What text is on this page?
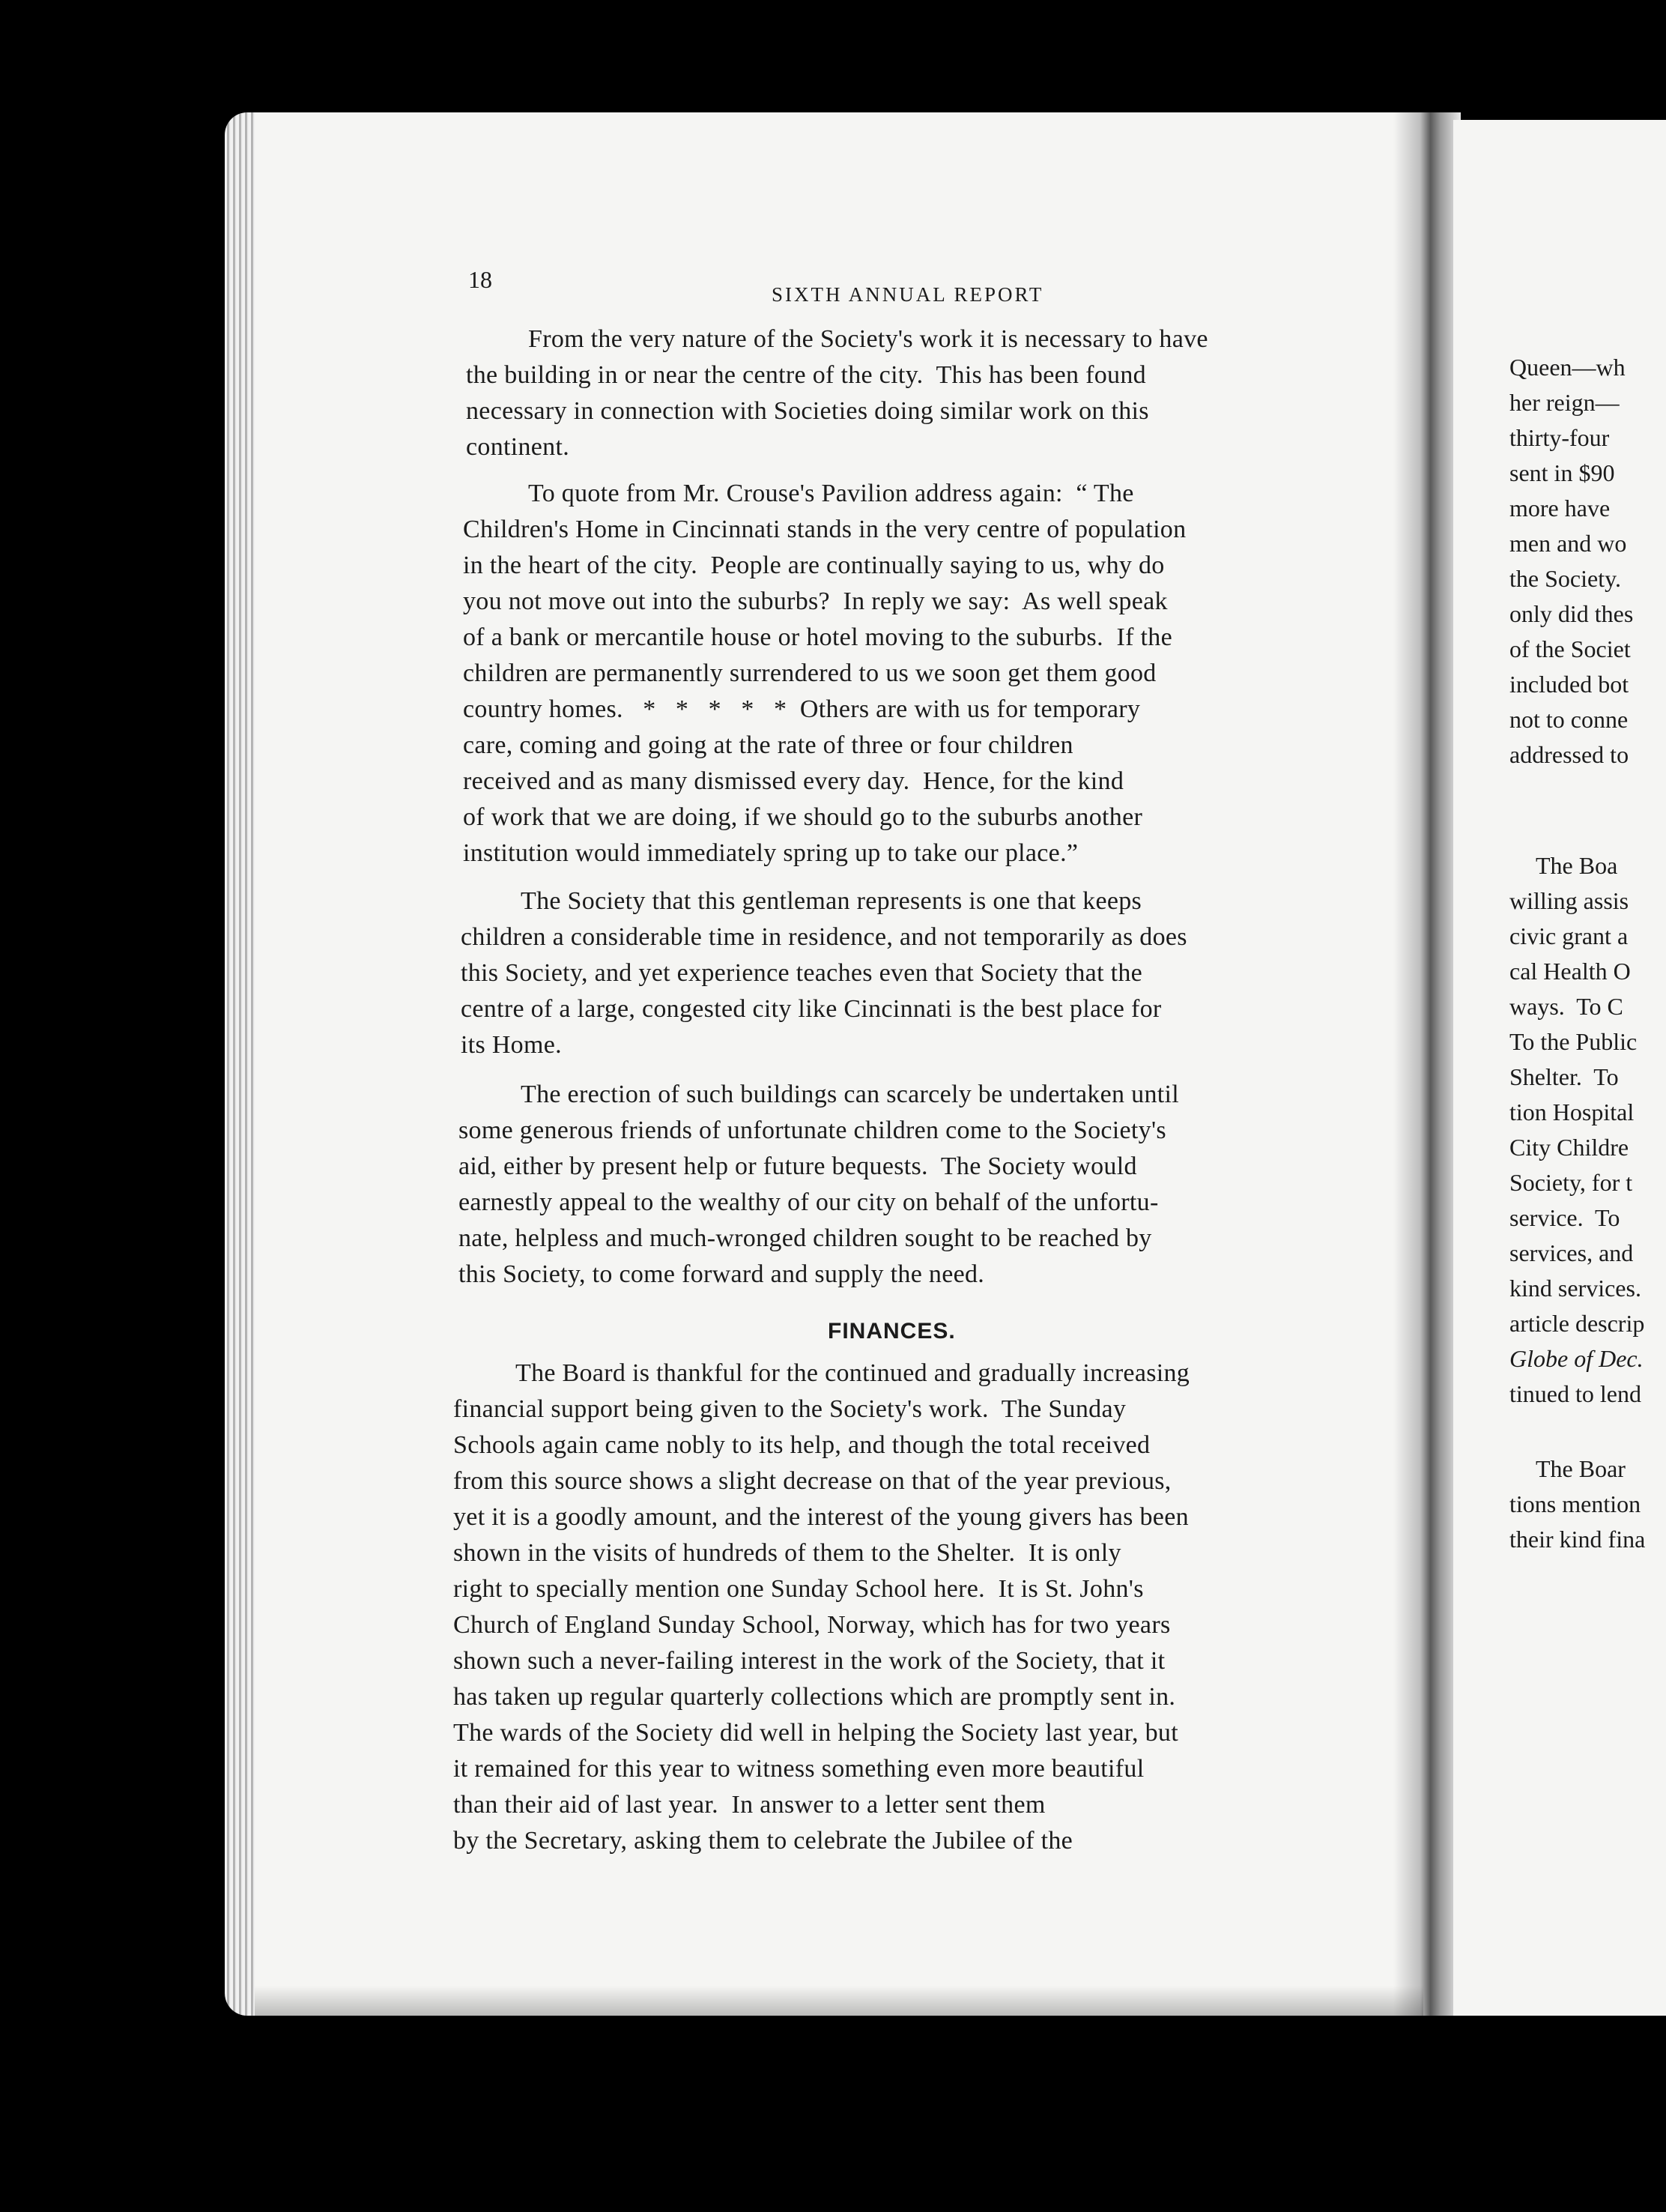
Queen—wh
her reign—
thirty-four
sent in $90
more have
men and wo
the Society.
only did thes
of the Societ
included bot
not to conne
addressed to
The Boa
willing assis
civic grant a
cal Health O
ways.  To C
To the Public
Shelter.  To
tion Hospital
City Childre
Society, for t
service.  To
services, and
kind services.
article descrip
Globe of Dec.
tinued to lend
The Boar
tions mention
their kind fina
18
SIXTH ANNUAL REPORT
From the very nature of the Society's work it is necessary to have
the building in or near the centre of the city.  This has been found
necessary in connection with Societies doing similar work on this
continent.
To quote from Mr. Crouse's Pavilion address again:  “ The
Children's Home in Cincinnati stands in the very centre of population
in the heart of the city.  People are continually saying to us, why do
you not move out into the suburbs?  In reply we say:  As well speak
of a bank or mercantile house or hotel moving to the suburbs.  If the
children are permanently surrendered to us we soon get them good
country homes.   *   *   *   *   *  Others are with us for temporary
care, coming and going at the rate of three or four children
received and as many dismissed every day.  Hence, for the kind
of work that we are doing, if we should go to the suburbs another
institution would immediately spring up to take our place.”
The Society that this gentleman represents is one that keeps
children a considerable time in residence, and not temporarily as does
this Society, and yet experience teaches even that Society that the
centre of a large, congested city like Cincinnati is the best place for
its Home.
The erection of such buildings can scarcely be undertaken until
some generous friends of unfortunate children come to the Society's
aid, either by present help or future bequests.  The Society would
earnestly appeal to the wealthy of our city on behalf of the unfortu-
nate, helpless and much-wronged children sought to be reached by
this Society, to come forward and supply the need.
FINANCES.
The Board is thankful for the continued and gradually increasing
financial support being given to the Society's work.  The Sunday
Schools again came nobly to its help, and though the total received
from this source shows a slight decrease on that of the year previous,
yet it is a goodly amount, and the interest of the young givers has been
shown in the visits of hundreds of them to the Shelter.  It is only
right to specially mention one Sunday School here.  It is St. John's
Church of England Sunday School, Norway, which has for two years
shown such a never-failing interest in the work of the Society, that it
has taken up regular quarterly collections which are promptly sent in.
The wards of the Society did well in helping the Society last year, but
it remained for this year to witness something even more beautiful
than their aid of last year.  In answer to a letter sent them
by the Secretary, asking them to celebrate the Jubilee of the
